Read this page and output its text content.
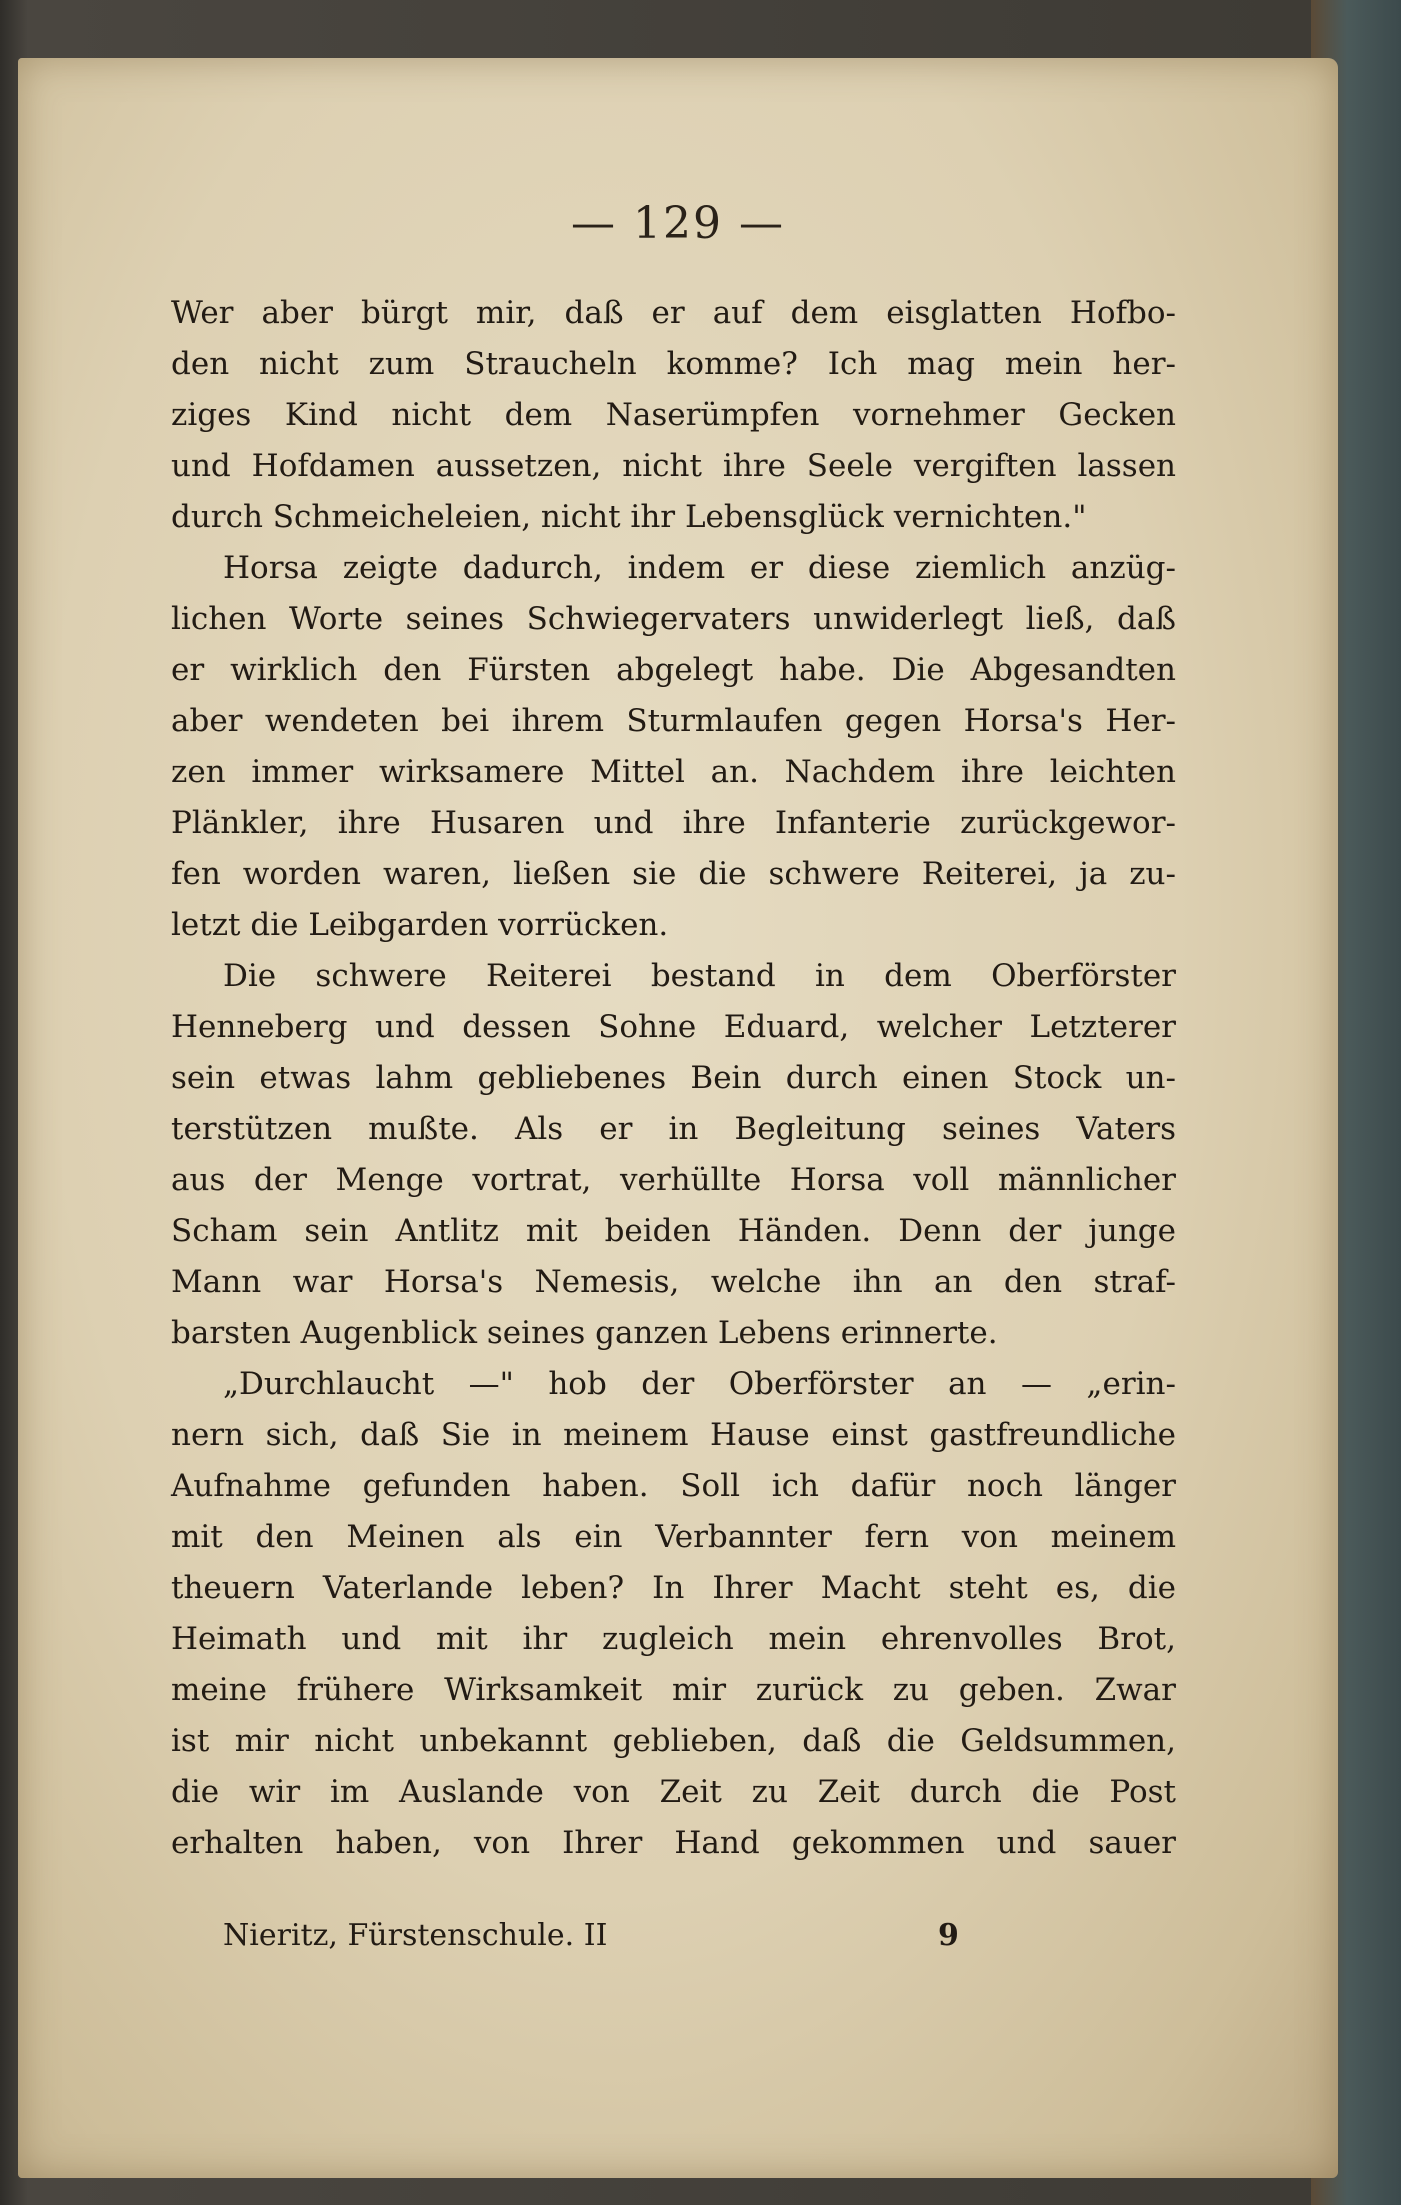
— 129 —
Wer aber bürgt mir, daß er auf dem eisglatten Hofbo-
den nicht zum Straucheln komme? Ich mag mein her-
ziges Kind nicht dem Naserümpfen vornehmer Gecken
und Hofdamen aussetzen, nicht ihre Seele vergiften lassen
durch Schmeicheleien, nicht ihr Lebensglück vernichten."
Horsa zeigte dadurch, indem er diese ziemlich anzüg-
lichen Worte seines Schwiegervaters unwiderlegt ließ, daß
er wirklich den Fürsten abgelegt habe. Die Abgesandten
aber wendeten bei ihrem Sturmlaufen gegen Horsa's Her-
zen immer wirksamere Mittel an. Nachdem ihre leichten
Plänkler, ihre Husaren und ihre Infanterie zurückgewor-
fen worden waren, ließen sie die schwere Reiterei, ja zu-
letzt die Leibgarden vorrücken.
Die schwere Reiterei bestand in dem Oberförster
Henneberg und dessen Sohne Eduard, welcher Letzterer
sein etwas lahm gebliebenes Bein durch einen Stock un-
terstützen mußte. Als er in Begleitung seines Vaters
aus der Menge vortrat, verhüllte Horsa voll männlicher
Scham sein Antlitz mit beiden Händen. Denn der junge
Mann war Horsa's Nemesis, welche ihn an den straf-
barsten Augenblick seines ganzen Lebens erinnerte.
„Durchlaucht —" hob der Oberförster an — „erin-
nern sich, daß Sie in meinem Hause einst gastfreundliche
Aufnahme gefunden haben. Soll ich dafür noch länger
mit den Meinen als ein Verbannter fern von meinem
theuern Vaterlande leben? In Ihrer Macht steht es, die
Heimath und mit ihr zugleich mein ehrenvolles Brot,
meine frühere Wirksamkeit mir zurück zu geben. Zwar
ist mir nicht unbekannt geblieben, daß die Geldsummen,
die wir im Auslande von Zeit zu Zeit durch die Post
erhalten haben, von Ihrer Hand gekommen und sauer
Nieritz, Fürstenschule. II	9
